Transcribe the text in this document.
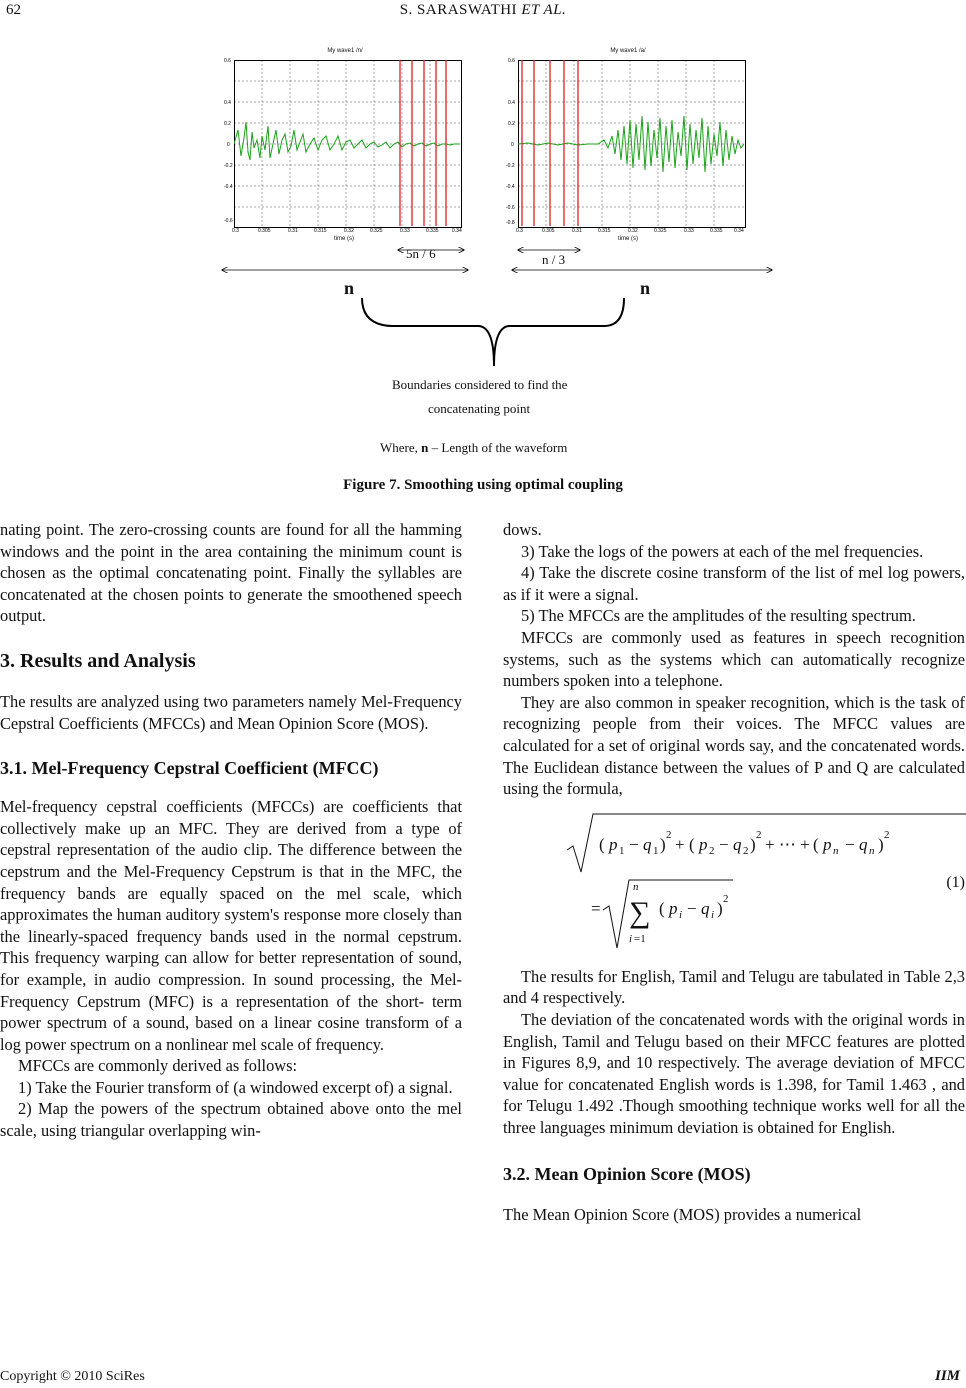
62	S. SARASWATHI ET AL.
My wave1 /n/
0.6
0.4
0.2
0
-0.2
-0.4
-0.6
0.3	0.305	0.31	0.315	0.32	0.325	0.33	0.335	0.34
time (s)
My wave1 /a/
0.6
0.4
0.2
0
-0.2
-0.4
-0.6
-0.8
0.3	0.305	0.31	0.315	0.32	0.325	0.33	0.335 0.34
time (s)
5n / 6	n / 3
n	n
Boundaries considered to find the
concatenating point
Where, n – Length of the waveform
Figure 7. Smoothing using optimal coupling

nating point. The zero-crossing counts are found for all the hamming windows and the point in the area containing the minimum count is chosen as the optimal concatenating point. Finally the syllables are concatenated at the chosen points to generate the smoothened speech output.

3. Results and Analysis

The results are analyzed using two parameters namely Mel-Frequency Cepstral Coefficients (MFCCs) and Mean Opinion Score (MOS).

3.1. Mel-Frequency Cepstral Coefficient (MFCC)

Mel-frequency cepstral coefficients (MFCCs) are coefficients that collectively make up an MFC. They are derived from a type of cepstral representation of the audio clip. The difference between the cepstrum and the Mel-Frequency Cepstrum is that in the MFC, the frequency bands are equally spaced on the mel scale, which approximates the human auditory system's response more closely than the linearly-spaced frequency bands used in the normal cepstrum. This frequency warping can allow for better representation of sound, for example, in audio compression. In sound processing, the Mel-Frequency Cepstrum (MFC) is a representation of the short- term power spectrum of a sound, based on a linear cosine transform of a log power spectrum on a nonlinear mel scale of frequency.

MFCCs are commonly derived as follows:

1) Take the Fourier transform of (a windowed excerpt of) a signal.

2) Map the powers of the spectrum obtained above onto the mel scale, using triangular overlapping win-

dows.

3) Take the logs of the powers at each of the mel frequencies.

4) Take the discrete cosine transform of the list of mel log powers, as if it were a signal.

5) The MFCCs are the amplitudes of the resulting spectrum.

MFCCs are commonly used as features in speech recognition systems, such as the systems which can automatically recognize numbers spoken into a telephone.

They are also common in speaker recognition, which is the task of recognizing people from their voices. The MFCC values are calculated for a set of original words say, and the concatenated words. The Euclidean distance between the values of P and Q are calculated using the formula,

( p 1 − q 1 ) 2 + ( p 2 − q 2 ) 2 + ⋯ + ( p n − q n ) 2
=
n
∑
i =1
( p i − q i ) 2
(1)

The results for English, Tamil and Telugu are tabulated in Table 2,3 and 4 respectively.

The deviation of the concatenated words with the original words in English, Tamil and Telugu based on their MFCC features are plotted in Figures 8,9, and 10 respectively. The average deviation of MFCC value for concatenated English words is 1.398, for Tamil 1.463 , and for Telugu 1.492 .Though smoothing technique works well for all the three languages minimum deviation is obtained for English.

3.2. Mean Opinion Score (MOS)

The Mean Opinion Score (MOS) provides a numerical

Copyright © 2010 SciRes	IIM
